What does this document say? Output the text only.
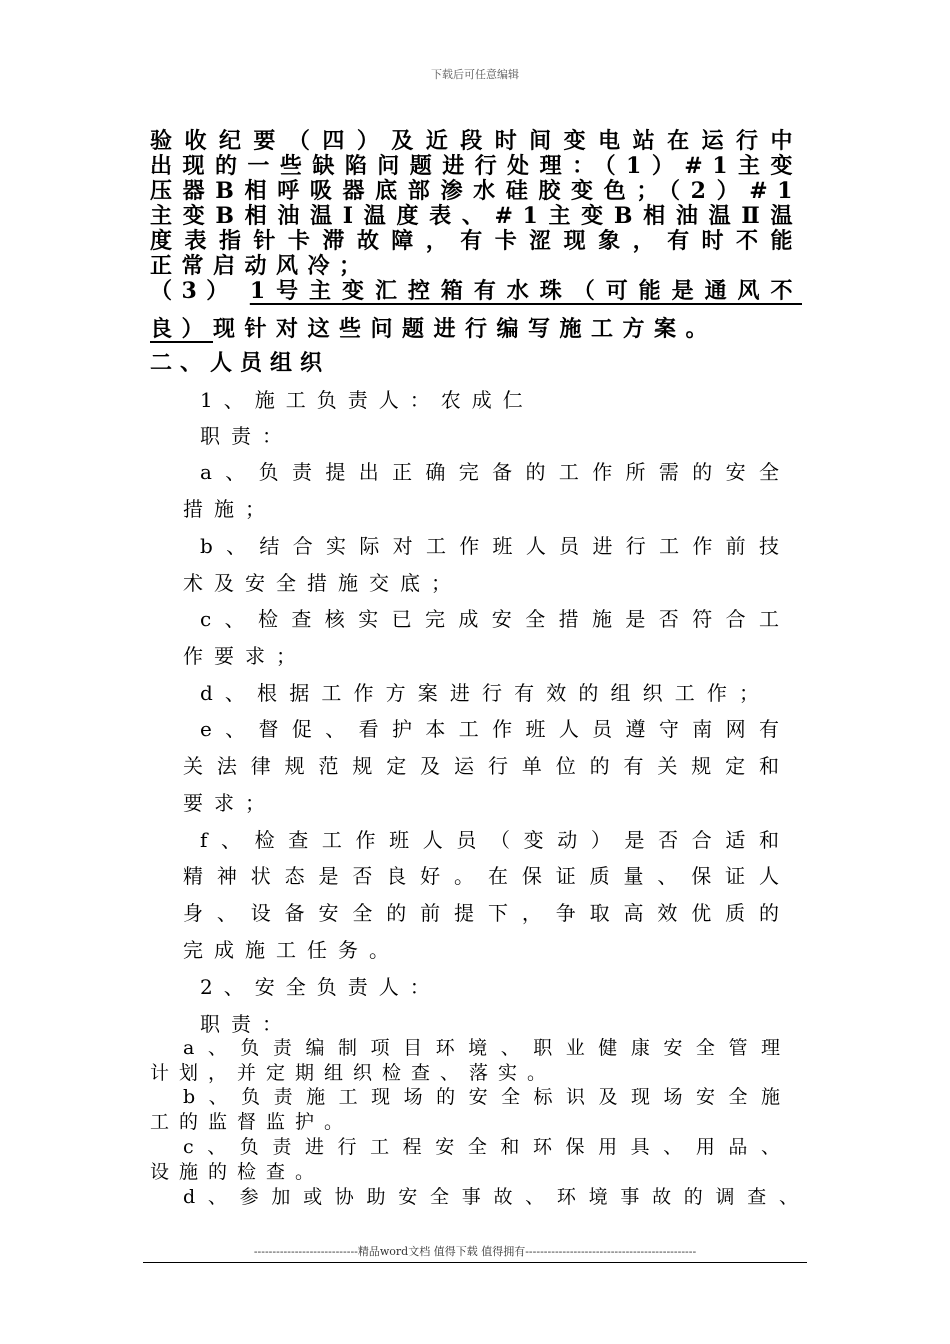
下载后可任意编辑
验收纪要（四）及近段时间变电站在运行中
出现的一些缺陷问题进行处理：（1）#1主变
压器B相呼吸器底部渗水硅胶变色；（2）#1
主变B相油温Ⅰ温度表、#1主变B相油温Ⅱ温
度表指针卡滞故障，有卡涩现象，有时不能
正常启动风冷；
（3） 1号主变汇控箱有水珠（可能是通风不
良）现针对这些问题进行编写施工方案。
二、人员组织
1、施工负责人：农成仁
职责：
a、负责提出正确完备的工作所需的安全
措施；
b、结合实际对工作班人员进行工作前技
术及安全措施交底；
c、检查核实已完成安全措施是否符合工
作要求；
d、根据工作方案进行有效的组织工作；
e、督促、看护本工作班人员遵守南网有
关法律规范规定及运行单位的有关规定和
要求；
f、检查工作班人员（变动）是否合适和
精神状态是否良好。在保证质量、保证人
身、设备安全的前提下，争取高效优质的
完成施工任务。
2、安全负责人：
职责：
a、负责编制项目环境、职业健康安全管理
计划，并定期组织检查、落实。
b、负责施工现场的安全标识及现场安全施
工的监督监护。
c、负责进行工程安全和环保用具、用品、
设施的检查。
d、参加或协助安全事故、环境事故的调查、
----------------------------精品word文档 值得下载 值得拥有----------------------------------------------
